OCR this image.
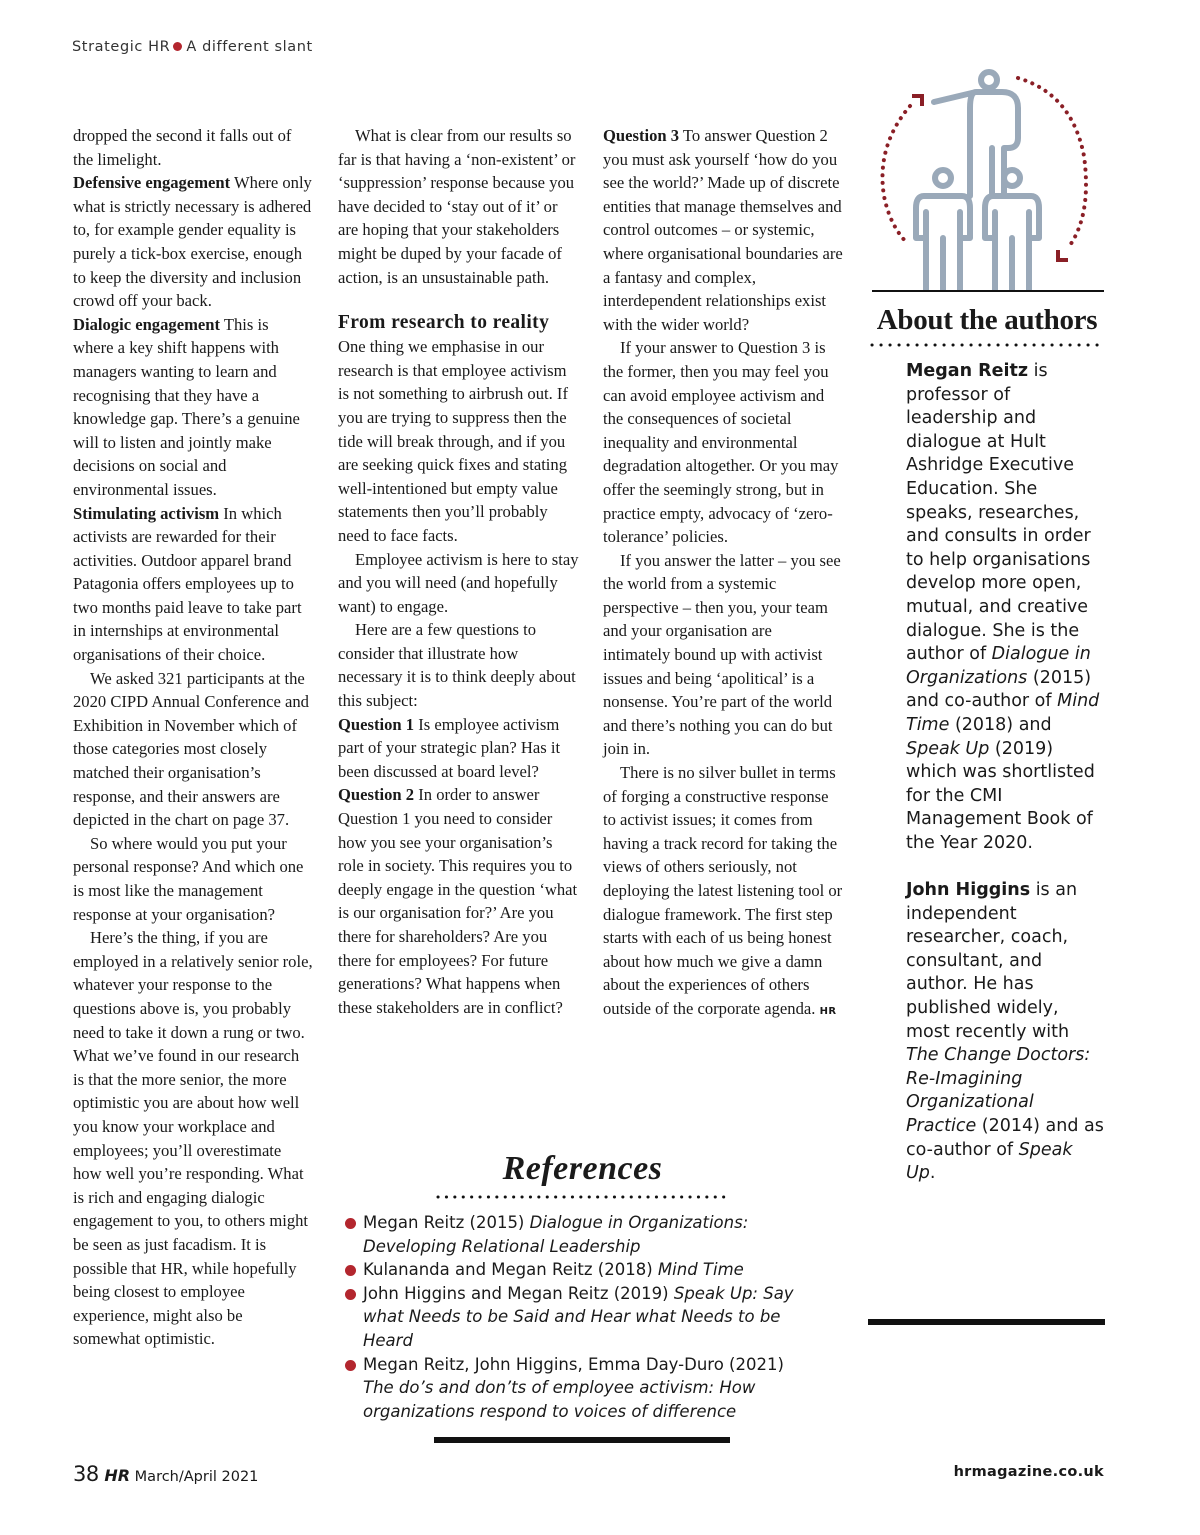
Strategic HR A different slant

dropped the second it falls out of the limelight.

Defensive engagement Where only what is strictly necessary is adhered to, for example gender equality is purely a tick-box exercise, enough to keep the diversity and inclusion crowd off your back.

Dialogic engagement This is where a key shift happens with managers wanting to learn and recognising that they have a knowledge gap. There’s a genuine will to listen and jointly make decisions on social and environmental issues.

Stimulating activism In which activists are rewarded for their activities. Outdoor apparel brand Patagonia offers employees up to two months paid leave to take part in internships at environmental organisations of their choice.

We asked 321 participants at the 2020 CIPD Annual Conference and Exhibition in November which of those categories most closely matched their organisation’s response, and their answers are depicted in the chart on page 37.

So where would you put your personal response? And which one is most like the management response at your organisation?

Here’s the thing, if you are employed in a relatively senior role, whatever your response to the questions above is, you probably need to take it down a rung or two. What we’ve found in our research is that the more senior, the more optimistic you are about how well you know your workplace and employees; you’ll overestimate how well you’re responding. What is rich and engaging dialogic engagement to you, to others might be seen as just facadism. It is possible that HR, while hopefully being closest to employee experience, might also be somewhat optimistic.

What is clear from our results so far is that having a ‘non-existent’ or ‘suppression’ response because you have decided to ‘stay out of it’ or are hoping that your stakeholders might be duped by your facade of action, is an unsustainable path.

From research to reality

One thing we emphasise in our research is that employee activism is not something to airbrush out. If you are trying to suppress then the tide will break through, and if you are seeking quick fixes and stating well-intentioned but empty value statements then you’ll probably need to face facts.

Employee activism is here to stay and you will need (and hopefully want) to engage.

Here are a few questions to consider that illustrate how necessary it is to think deeply about this subject:

Question 1 Is employee activism part of your strategic plan? Has it been discussed at board level?

Question 2 In order to answer Question 1 you need to consider how you see your organisation’s role in society. This requires you to deeply engage in the question ‘what is our organisation for?’ Are you there for shareholders? Are you there for employees? For future generations? What happens when these stakeholders are in conflict?

Question 3 To answer Question 2 you must ask yourself ‘how do you see the world?’ Made up of discrete entities that manage themselves and control outcomes – or systemic, where organisational boundaries are a fantasy and complex, interdependent relationships exist with the wider world?

If your answer to Question 3 is the former, then you may feel you can avoid employee activism and the consequences of societal inequality and environmental degradation altogether. Or you may offer the seemingly strong, but in practice empty, advocacy of ‘zero-tolerance’ policies.

If you answer the latter – you see the world from a systemic perspective – then you, your team and your organisation are intimately bound up with activist issues and being ‘apolitical’ is a nonsense. You’re part of the world and there’s nothing you can do but join in.

There is no silver bullet in terms of forging a constructive response to activist issues; it comes from having a track record for taking the views of others seriously, not deploying the latest listening tool or dialogue framework. The first step starts with each of us being honest about how much we give a damn about the experiences of others outside of the corporate agenda. HR

References
Megan Reitz (2015) Dialogue in Organizations: Developing Relational Leadership
Kulananda and Megan Reitz (2018) Mind Time
John Higgins and Megan Reitz (2019) Speak Up: Say what Needs to be Said and Hear what Needs to be Heard
Megan Reitz, John Higgins, Emma Day-Duro (2021) The do’s and don’ts of employee activism: How organizations respond to voices of difference
About the authors

Megan Reitz is professor of leadership and dialogue at Hult Ashridge Executive Education. She speaks, researches, and consults in order to help organisations develop more open, mutual, and creative dialogue. She is the author of Dialogue in Organizations (2015) and co-author of Mind Time (2018) and Speak Up (2019) which was shortlisted for the CMI Management Book of the Year 2020.

John Higgins is an independent researcher, coach, consultant, and author. He has published widely, most recently with The Change Doctors: Re-Imagining Organizational Practice (2014) and as co-author of Speak Up.

38 HR March/April 2021	hrmagazine.co.uk
